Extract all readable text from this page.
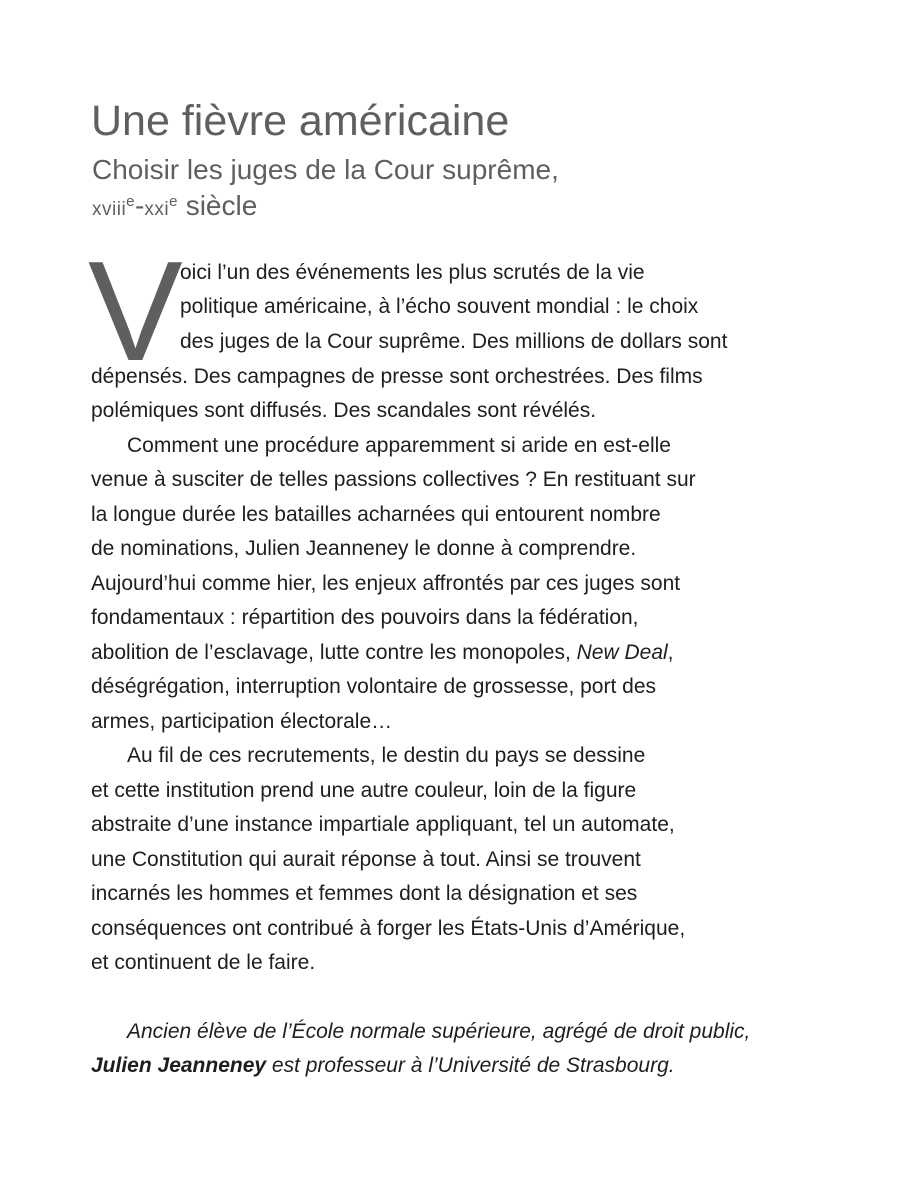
Une fièvre américaine
Choisir les juges de la Cour suprême,
xviii$^e$-xxi$^e$ siècle
V
oici l’un des événements les plus scrutés de la vie
politique américaine, à l’écho souvent mondial : le choix
des juges de la Cour suprême. Des millions de dollars sont
dépensés. Des campagnes de presse sont orchestrées. Des films
polémiques sont diffusés. Des scandales sont révélés.
Comment une procédure apparemment si aride en est-elle
venue à susciter de telles passions collectives ? En restituant sur
la longue durée les batailles acharnées qui entourent nombre
de nominations, Julien Jeanneney le donne à comprendre.
Aujourd’hui comme hier, les enjeux affrontés par ces juges sont
fondamentaux : répartition des pouvoirs dans la fédération,
abolition de l’esclavage, lutte contre les monopoles, New Deal,
déségrégation, interruption volontaire de grossesse, port des
armes, participation électorale…
Au fil de ces recrutements, le destin du pays se dessine
et cette institution prend une autre couleur, loin de la figure
abstraite d’une instance impartiale appliquant, tel un automate,
une Constitution qui aurait réponse à tout. Ainsi se trouvent
incarnés les hommes et femmes dont la désignation et ses
conséquences ont contribué à forger les États-Unis d’Amérique,
et continuent de le faire.
Ancien élève de l’École normale supérieure, agrégé de droit public,
Julien Jeanneney est professeur à l’Université de Strasbourg.
